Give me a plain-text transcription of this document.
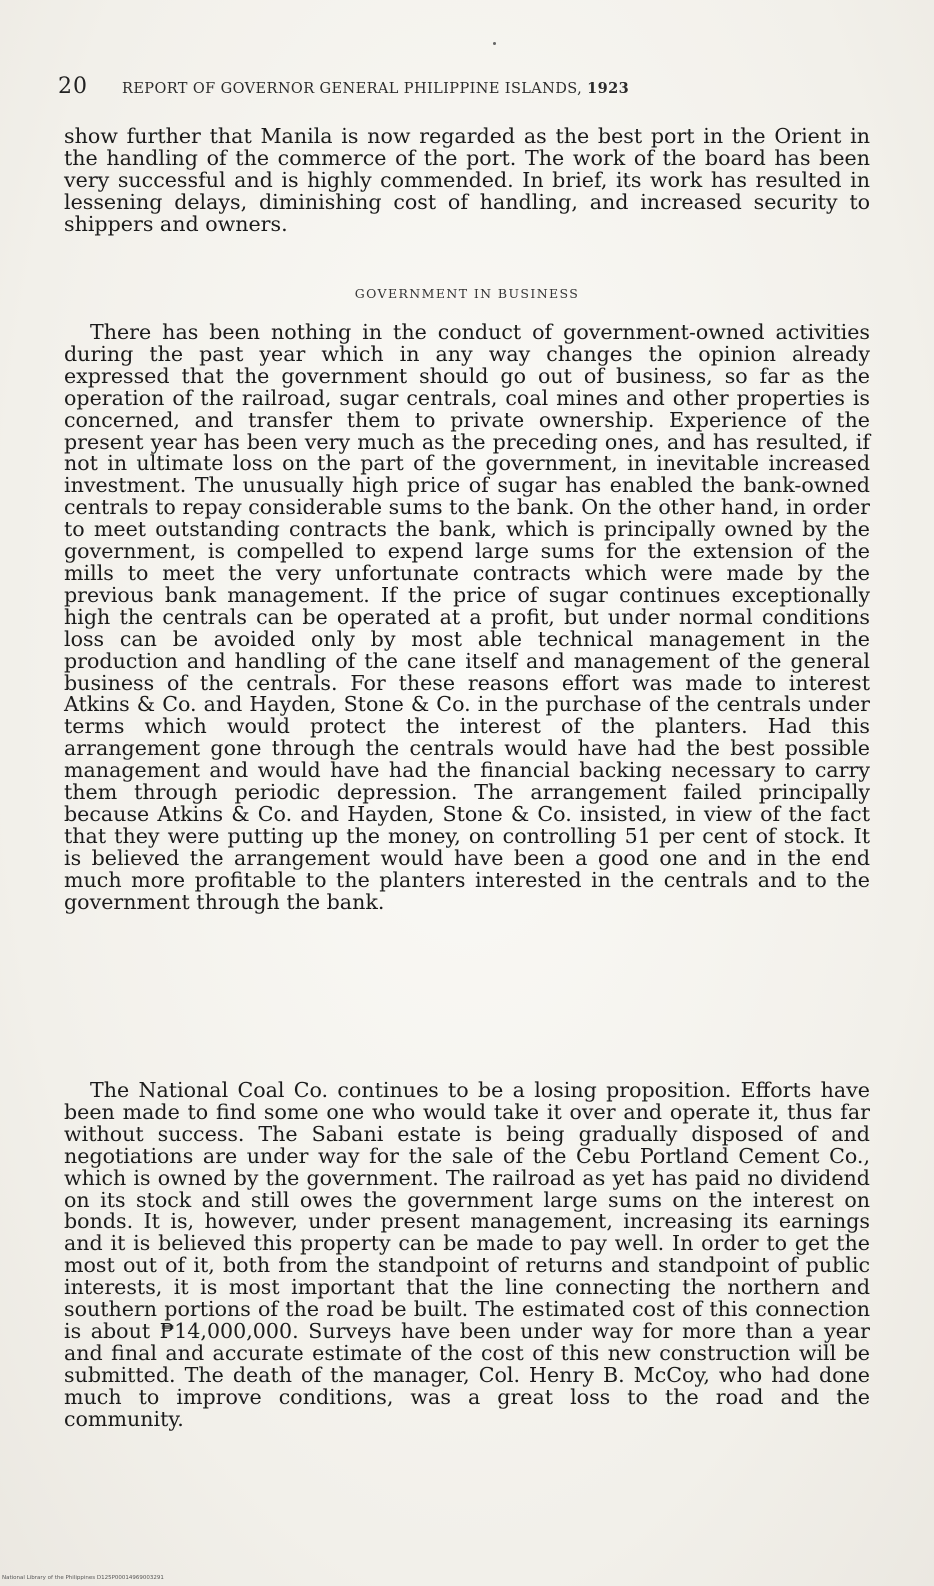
20 REPORT OF GOVERNOR GENERAL PHILIPPINE ISLANDS, 1923

show further that Manila is now regarded as the best port in the Orient in the handling of the commerce of the port. The work of the board has been very successful and is highly commended. In brief, its work has resulted in lessening delays, diminishing cost of handling, and increased security to shippers and owners.

GOVERNMENT IN BUSINESS

There has been nothing in the conduct of government-owned activities during the past year which in any way changes the opinion already expressed that the government should go out of business, so far as the operation of the railroad, sugar centrals, coal mines and other properties is concerned, and transfer them to private ownership. Experience of the present year has been very much as the preceding ones, and has resulted, if not in ultimate loss on the part of the government, in inevitable increased investment. The unusually high price of sugar has enabled the bank-owned centrals to repay considerable sums to the bank. On the other hand, in order to meet outstanding contracts the bank, which is principally owned by the government, is compelled to expend large sums for the extension of the mills to meet the very unfortunate contracts which were made by the previous bank management. If the price of sugar continues exceptionally high the centrals can be operated at a profit, but under normal conditions loss can be avoided only by most able technical management in the production and handling of the cane itself and management of the general business of the centrals. For these reasons effort was made to interest Atkins & Co. and Hayden, Stone & Co. in the purchase of the centrals under terms which would protect the interest of the planters. Had this arrangement gone through the centrals would have had the best possible management and would have had the financial backing necessary to carry them through periodic depression. The arrangement failed principally because Atkins & Co. and Hayden, Stone & Co. insisted, in view of the fact that they were putting up the money, on controlling 51 per cent of stock. It is believed the arrangement would have been a good one and in the end much more profitable to the planters interested in the centrals and to the government through the bank.

The National Coal Co. continues to be a losing proposition. Efforts have been made to find some one who would take it over and operate it, thus far without success. The Sabani estate is being gradually disposed of and negotiations are under way for the sale of the Cebu Portland Cement Co., which is owned by the government. The railroad as yet has paid no dividend on its stock and still owes the government large sums on the interest on bonds. It is, however, under present management, increasing its earnings and it is believed this property can be made to pay well. In order to get the most out of it, both from the standpoint of returns and standpoint of public interests, it is most important that the line connecting the northern and southern portions of the road be built. The estimated cost of this connection is about ₱14,000,000. Surveys have been under way for more than a year and final and accurate estimate of the cost of this new construction will be submitted. The death of the manager, Col. Henry B. McCoy, who had done much to improve conditions, was a great loss to the road and the community.

National Library of the Philippines D125P00014969003291
